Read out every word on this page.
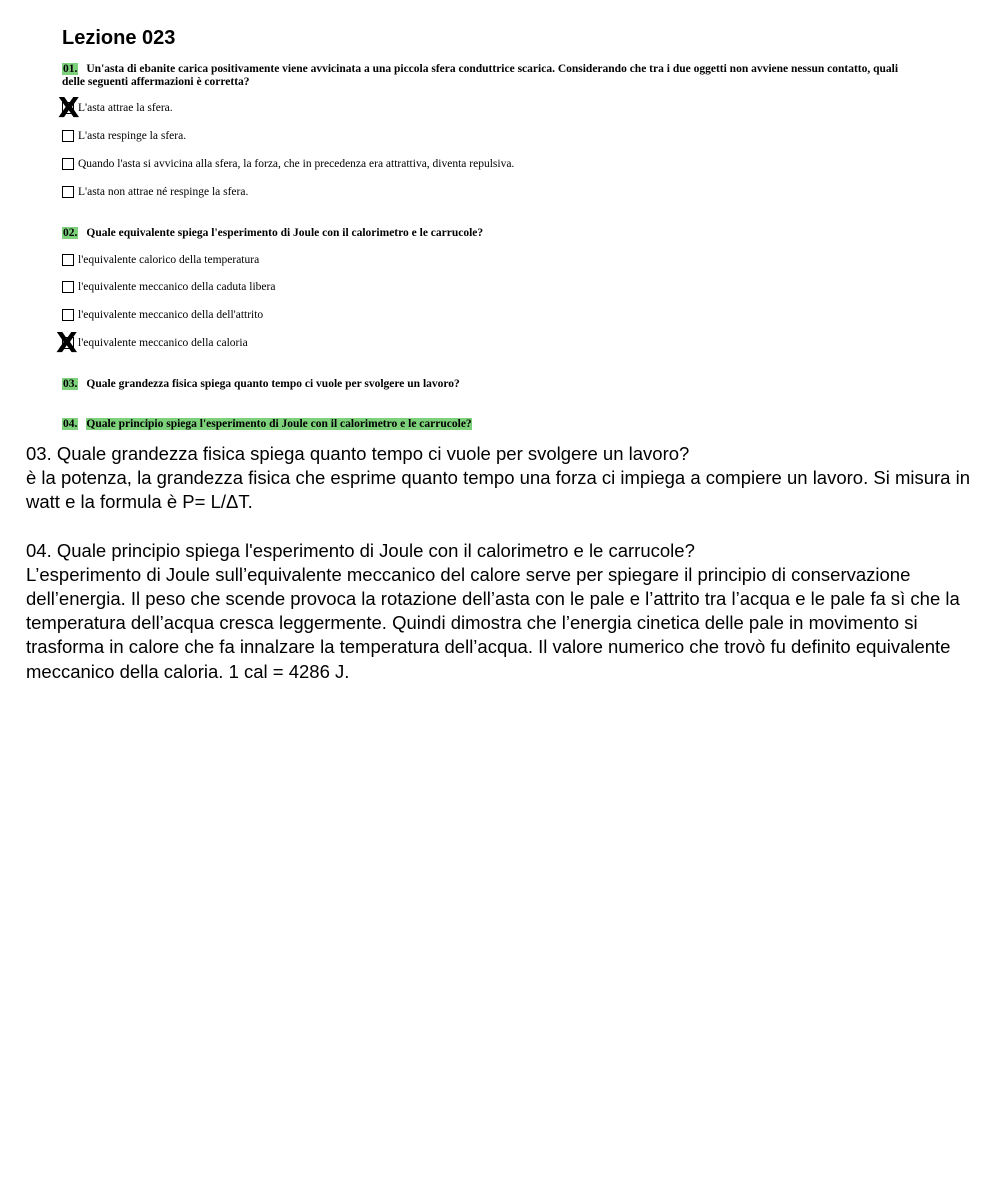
Lezione 023
01. Un'asta di ebanite carica positivamente viene avvicinata a una piccola sfera conduttrice scarica. Considerando che tra i due oggetti non avviene nessun contatto, quali delle seguenti affermazioni è corretta?
L'asta attrae la sfera.
X
L'asta respinge la sfera.
Quando l'asta si avvicina alla sfera, la forza, che in precedenza era attrattiva, diventa repulsiva.
L'asta non attrae né respinge la sfera.
02. Quale equivalente spiega l'esperimento di Joule con il calorimetro e le carrucole?
l'equivalente calorico della temperatura
l'equivalente meccanico della caduta libera
l'equivalente meccanico della dell'attrito
l'equivalente meccanico della caloria
X
03. Quale grandezza fisica spiega quanto tempo ci vuole per svolgere un lavoro?
04. Quale principio spiega l'esperimento di Joule con il calorimetro e le carrucole?

03. Quale grandezza fisica spiega quanto tempo ci vuole per svolgere un lavoro?

è la potenza, la grandezza fisica che esprime quanto tempo una forza ci impiega a compiere un lavoro. Si misura in watt e la formula è P= L/ΔT.

04. Quale principio spiega l'esperimento di Joule con il calorimetro e le carrucole?

L’esperimento di Joule sull’equivalente meccanico del calore serve per spiegare il principio di conservazione dell’energia. Il peso che scende provoca la rotazione dell’asta con le pale e l’attrito tra l’acqua e le pale fa sì che la temperatura dell’acqua cresca leggermente. Quindi dimostra che l’energia cinetica delle pale in movimento si trasforma in calore che fa innalzare la temperatura dell’acqua. Il valore numerico che trovò fu definito equivalente meccanico della caloria. 1 cal = 4286 J.
